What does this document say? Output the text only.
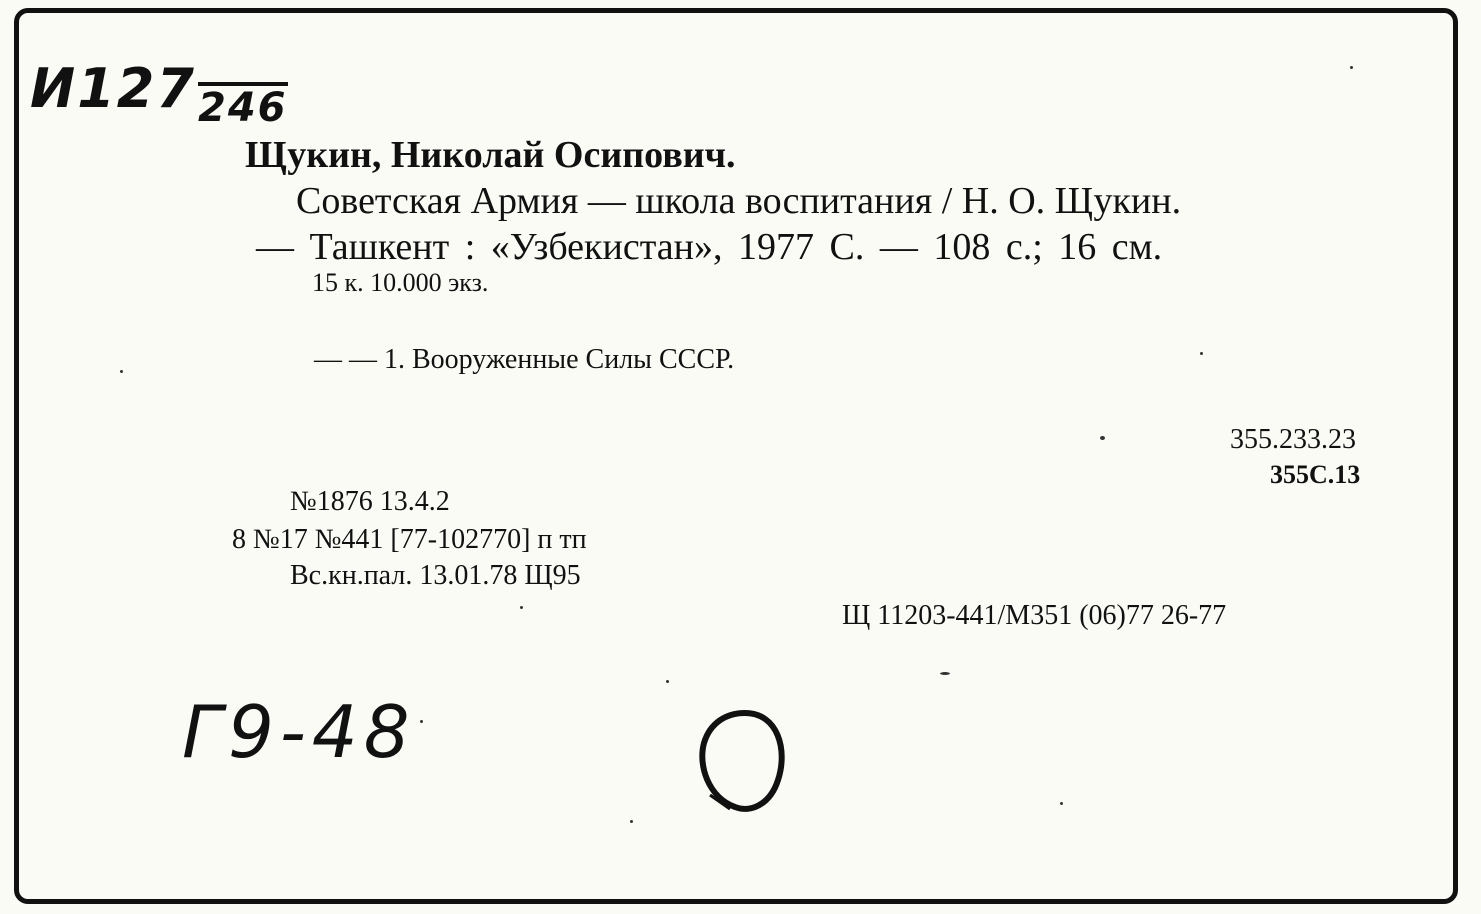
И127 246
Щукин, Николай Осипович.
Советская Армия — школа воспитания / Н. О. Щукин.
— Ташкент : «Узбекистан», 1977 С. — 108 с.; 16 см.
15 к. 10.000 экз.
— — 1. Вооруженные Силы СССР.
355.233.23
355С.13
№1876 13.4.2
8 №17 №441 [77-102770] п тп
Вс.кн.пал. 13.01.78 Щ95
Щ 11203-441/М351 (06)77 26-77
Г9-48
